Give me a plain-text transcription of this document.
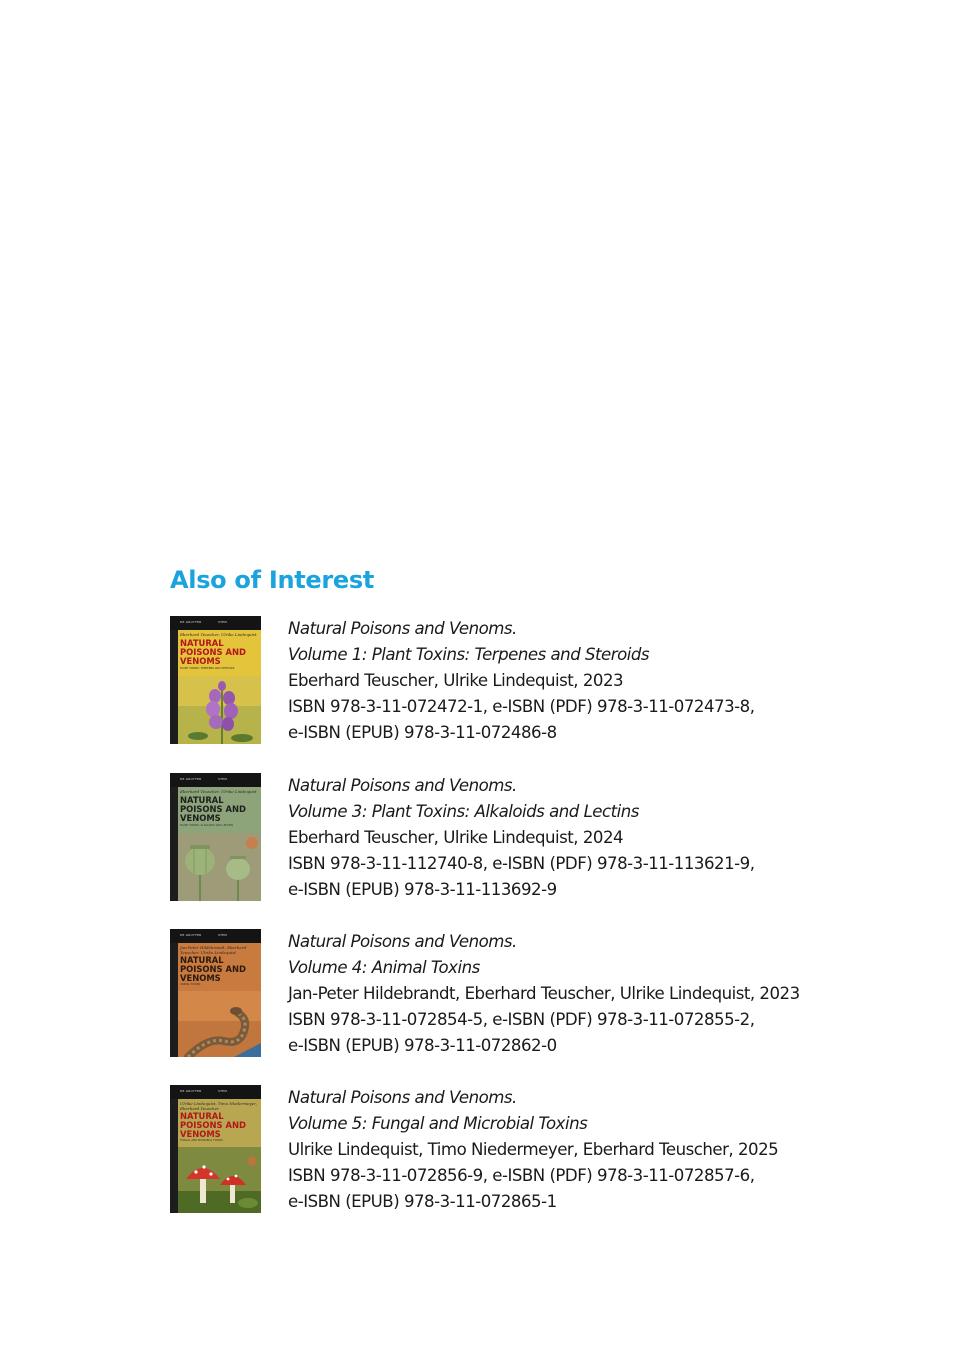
Also of Interest
DE GRUYTER	STEM
Eberhard Teuscher, Ulrike Lindequist
NATURAL
POISONS AND
VENOMS
PLANT TOXINS: TERPENES AND STEROIDS
Natural Poisons and Venoms.
Volume 1: Plant Toxins: Terpenes and Steroids
Eberhard Teuscher, Ulrike Lindequist, 2023
ISBN 978-3-11-072472-1, e-ISBN (PDF) 978-3-11-072473-8,
e-ISBN (EPUB) 978-3-11-072486-8
DE GRUYTER	STEM
Eberhard Teuscher, Ulrike Lindequist
NATURAL
POISONS AND
VENOMS
PLANT TOXINS: ALKALOIDS AND LECTINS
Natural Poisons and Venoms.
Volume 3: Plant Toxins: Alkaloids and Lectins
Eberhard Teuscher, Ulrike Lindequist, 2024
ISBN 978-3-11-112740-8, e-ISBN (PDF) 978-3-11-113621-9,
e-ISBN (EPUB) 978-3-11-113692-9
DE GRUYTER	STEM
Jan-Peter Hildebrandt, Eberhard Teuscher, Ulrike Lindequist
NATURAL
POISONS AND
VENOMS
ANIMAL TOXINS
Natural Poisons and Venoms.
Volume 4: Animal Toxins
Jan-Peter Hildebrandt, Eberhard Teuscher, Ulrike Lindequist, 2023
ISBN 978-3-11-072854-5, e-ISBN (PDF) 978-3-11-072855-2,
e-ISBN (EPUB) 978-3-11-072862-0
DE GRUYTER	STEM
Ulrike Lindequist, Timo Niedermeyer, Eberhard Teuscher
NATURAL
POISONS AND
VENOMS
FUNGAL AND MICROBIAL TOXINS
Natural Poisons and Venoms.
Volume 5: Fungal and Microbial Toxins
Ulrike Lindequist, Timo Niedermeyer, Eberhard Teuscher, 2025
ISBN 978-3-11-072856-9, e-ISBN (PDF) 978-3-11-072857-6,
e-ISBN (EPUB) 978-3-11-072865-1
